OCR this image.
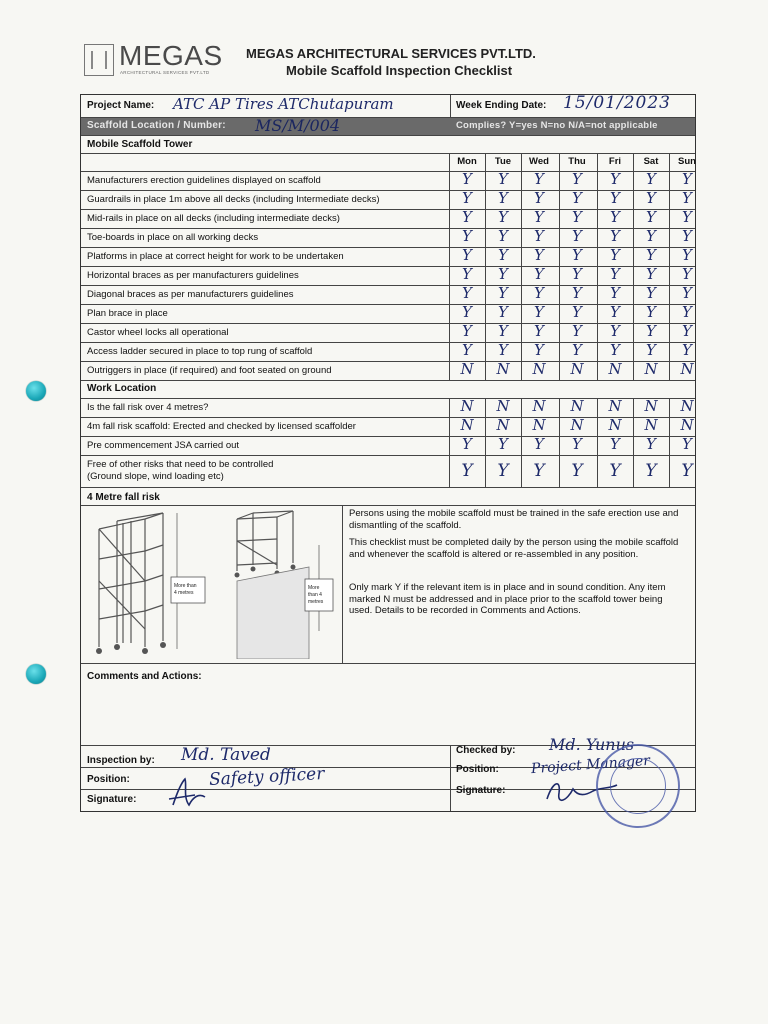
MEGAS
ARCHITECTURAL SERVICES PVT.LTD
MEGAS ARCHITECTURAL SERVICES PVT.LTD.
Mobile Scaffold Inspection Checklist
Project Name: ATC AP Tires ATChutapuram	Week Ending Date: 15/01/2023
Scaffold Location / Number: MS/M/004	Complies? Y=yes N=no N/A=not applicable
Mobile Scaffold Tower
Mon	Tue	Wed	Thu	Fri	Sat	Sun
Manufacturers erection guidelines displayed on scaffold	Y	Y	Y	Y	Y	Y	Y
Guardrails in place 1m above all decks (including Intermediate decks)	Y	Y	Y	Y	Y	Y	Y
Mid-rails in place on all decks (including intermediate decks)	Y	Y	Y	Y	Y	Y	Y
Toe-boards in place on all working decks	Y	Y	Y	Y	Y	Y	Y
Platforms in place at correct height for work to be undertaken	Y	Y	Y	Y	Y	Y	Y
Horizontal braces as per manufacturers guidelines	Y	Y	Y	Y	Y	Y	Y
Diagonal braces as per manufacturers guidelines	Y	Y	Y	Y	Y	Y	Y
Plan brace in place	Y	Y	Y	Y	Y	Y	Y
Castor wheel locks all operational	Y	Y	Y	Y	Y	Y	Y
Access ladder secured in place to top rung of scaffold	Y	Y	Y	Y	Y	Y	Y
Outriggers in place (if required) and foot seated on ground	N	N	N	N	N	N	N
Work Location
Is the fall risk over 4 metres?	N	N	N	N	N	N	N
4m fall risk scaffold: Erected and checked by licensed scaffolder	N	N	N	N	N	N	N
Pre commencement JSA carried out	Y	Y	Y	Y	Y	Y	Y
Free of other risks that need to be controlled
(Ground slope, wind loading etc)	Y	Y	Y	Y	Y	Y	Y
4 Metre fall risk
More than
4 metres
More
than 4
metres
Persons using the mobile scaffold must be trained in the safe erection use and dismantling of the scaffold.
This checklist must be completed daily by the person using the mobile scaffold and whenever the scaffold is altered or re-assembled in any position.
Only mark Y if the relevant item is in place and in sound condition. Any item marked N must be addressed and in place prior to the scaffold tower being used. Details to be recorded in Comments and Actions.
Comments and Actions:
Inspection by: Md. Taved
Position:	Safety officer
Signature:
Checked by: Md. Yunus
Position: Project Manager
Signature:
